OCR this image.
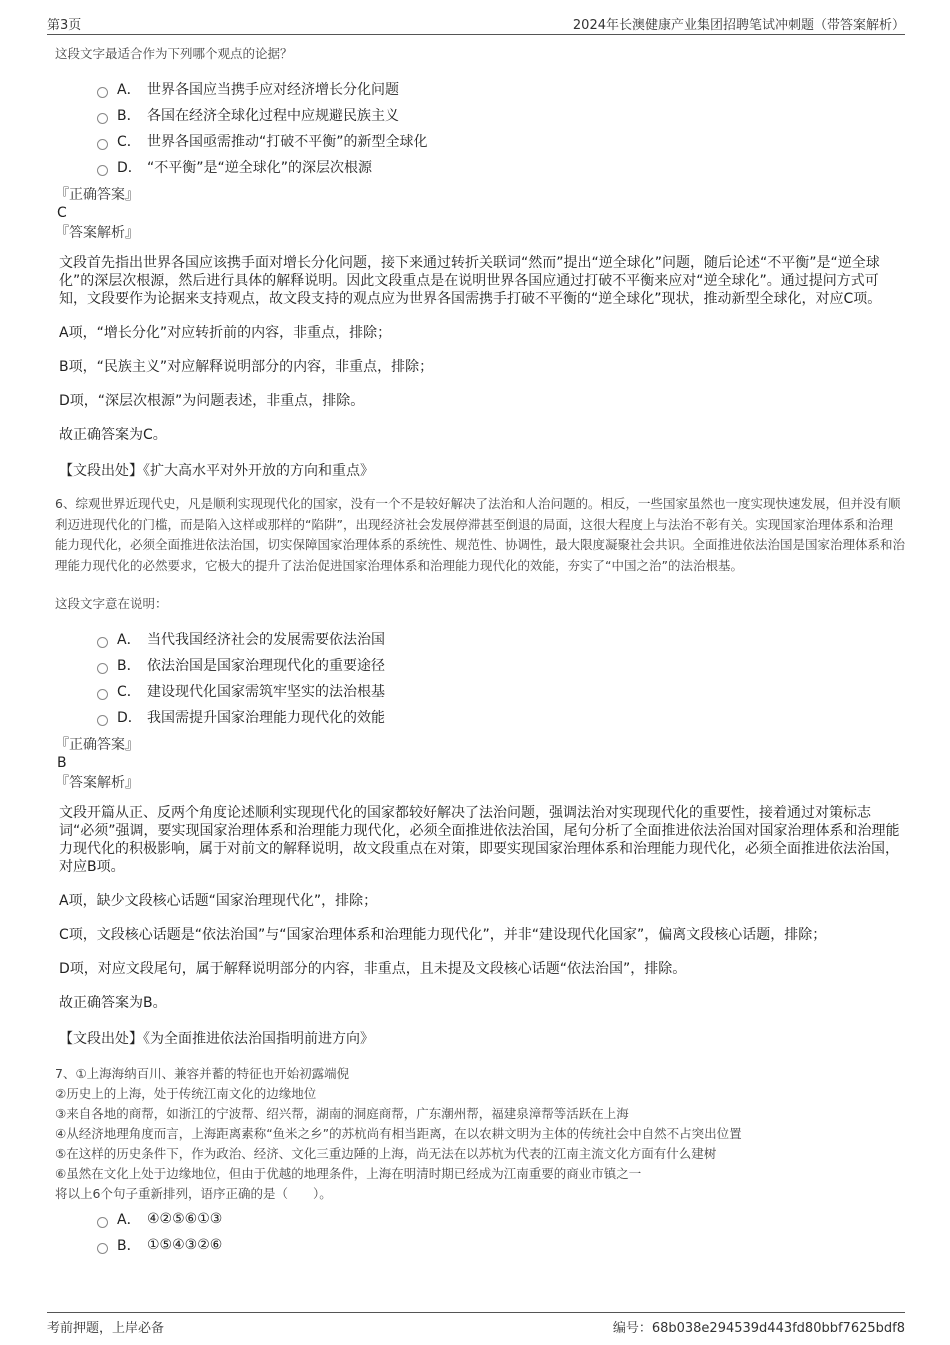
第3页	2024年长澳健康产业集团招聘笔试冲刺题（带答案解析）

这段文字最适合作为下列哪个观点的论据？

A． 世界各国应当携手应对经济增长分化问题
B． 各国在经济全球化过程中应规避民族主义
C． 世界各国亟需推动“打破不平衡”的新型全球化
D． “不平衡”是“逆全球化”的深层次根源

『正确答案』

C

『答案解析』

文段首先指出世界各国应该携手面对增长分化问题，接下来通过转折关联词“然而”提出“逆全球化”问题，随后论述“不平衡”是“逆全球化”的深层次根源，然后进行具体的解释说明。因此文段重点是在说明世界各国应通过打破不平衡来应对“逆全球化”。通过提问方式可知，文段要作为论据来支持观点，故文段支持的观点应为世界各国需携手打破不平衡的“逆全球化”现状，推动新型全球化，对应C项。

A项，“增长分化”对应转折前的内容，非重点，排除；

B项，“民族主义”对应解释说明部分的内容，非重点，排除；

D项，“深层次根源”为问题表述，非重点，排除。

故正确答案为C。

【文段出处】《扩大高水平对外开放的方向和重点》

6、综观世界近现代史，凡是顺利实现现代化的国家，没有一个不是较好解决了法治和人治问题的。相反，一些国家虽然也一度实现快速发展，但并没有顺利迈进现代化的门槛，而是陷入这样或那样的“陷阱”，出现经济社会发展停滞甚至倒退的局面，这很大程度上与法治不彰有关。实现国家治理体系和治理能力现代化，必须全面推进依法治国，切实保障国家治理体系的系统性、规范性、协调性，最大限度凝聚社会共识。全面推进依法治国是国家治理体系和治理能力现代化的必然要求，它极大的提升了法治促进国家治理体系和治理能力现代化的效能，夯实了“中国之治”的法治根基。

这段文字意在说明：

A． 当代我国经济社会的发展需要依法治国
B． 依法治国是国家治理现代化的重要途径
C． 建设现代化国家需筑牢坚实的法治根基
D． 我国需提升国家治理能力现代化的效能

『正确答案』

B

『答案解析』

文段开篇从正、反两个角度论述顺利实现现代化的国家都较好解决了法治问题，强调法治对实现现代化的重要性，接着通过对策标志词“必须”强调，要实现国家治理体系和治理能力现代化，必须全面推进依法治国，尾句分析了全面推进依法治国对国家治理体系和治理能力现代化的积极影响，属于对前文的解释说明，故文段重点在对策，即要实现国家治理体系和治理能力现代化，必须全面推进依法治国，对应B项。

A项，缺少文段核心话题“国家治理现代化”，排除；

C项，文段核心话题是“依法治国”与“国家治理体系和治理能力现代化”，并非“建设现代化国家”，偏离文段核心话题，排除；

D项，对应文段尾句，属于解释说明部分的内容，非重点，且未提及文段核心话题“依法治国”，排除。

故正确答案为B。

【文段出处】《为全面推进依法治国指明前进方向》

7、①上海海纳百川、兼容并蓄的特征也开始初露端倪
②历史上的上海，处于传统江南文化的边缘地位
③来自各地的商帮，如浙江的宁波帮、绍兴帮，湖南的洞庭商帮，广东潮州帮，福建泉漳帮等活跃在上海
④从经济地理角度而言，上海距离素称“鱼米之乡”的苏杭尚有相当距离，在以农耕文明为主体的传统社会中自然不占突出位置
⑤在这样的历史条件下，作为政治、经济、文化三重边陲的上海，尚无法在以苏杭为代表的江南主流文化方面有什么建树
⑥虽然在文化上处于边缘地位，但由于优越的地理条件，上海在明清时期已经成为江南重要的商业市镇之一
将以上6个句子重新排列，语序正确的是（　　）。
A． ④②⑤⑥①③
B． ①⑤④③②⑥
考前押题，上岸必备	编号：68b038e294539d443fd80bbf7625bdf8
